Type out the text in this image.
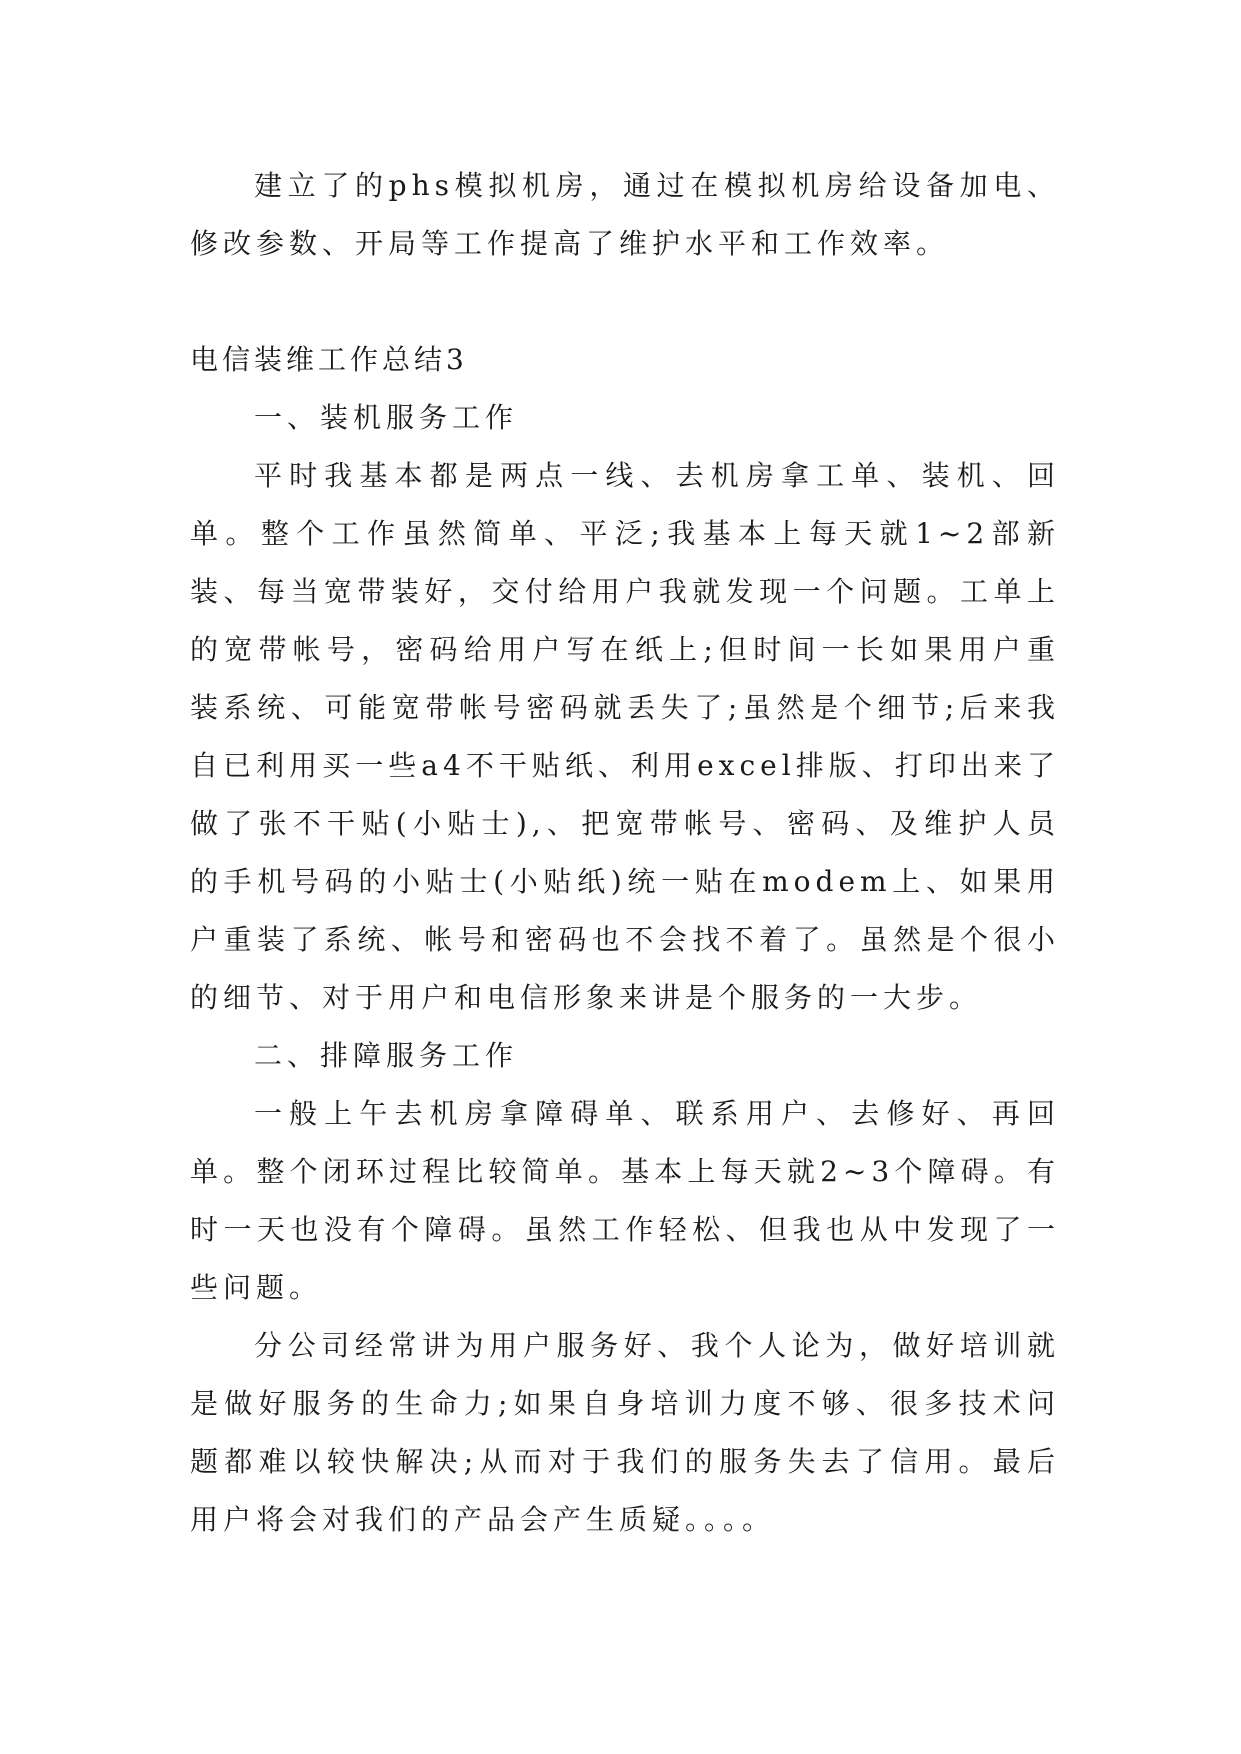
建立了的phs模拟机房，通过在模拟机房给设备加电、修改参数、开局等工作提高了维护水平和工作效率。

电信装维工作总结3

一、装机服务工作

平时我基本都是两点一线、去机房拿工单、装机、回单。整个工作虽然简单、平泛;我基本上每天就1~2部新装、每当宽带装好，交付给用户我就发现一个问题。工单上的宽带帐号，密码给用户写在纸上;但时间一长如果用户重装系统、可能宽带帐号密码就丢失了;虽然是个细节;后来我自已利用买一些a4不干贴纸、利用excel排版、打印出来了做了张不干贴(小贴士),、把宽带帐号、密码、及维护人员的手机号码的小贴士(小贴纸)统一贴在modem上、如果用户重装了系统、帐号和密码也不会找不着了。虽然是个很小的细节、对于用户和电信形象来讲是个服务的一大步。

二、排障服务工作

一般上午去机房拿障碍单、联系用户、去修好、再回单。整个闭环过程比较简单。基本上每天就2~3个障碍。有时一天也没有个障碍。虽然工作轻松、但我也从中发现了一些问题。

分公司经常讲为用户服务好、我个人论为，做好培训就是做好服务的生命力;如果自身培训力度不够、很多技术问题都难以较快解决;从而对于我们的服务失去了信用。最后用户将会对我们的产品会产生质疑。。。。
